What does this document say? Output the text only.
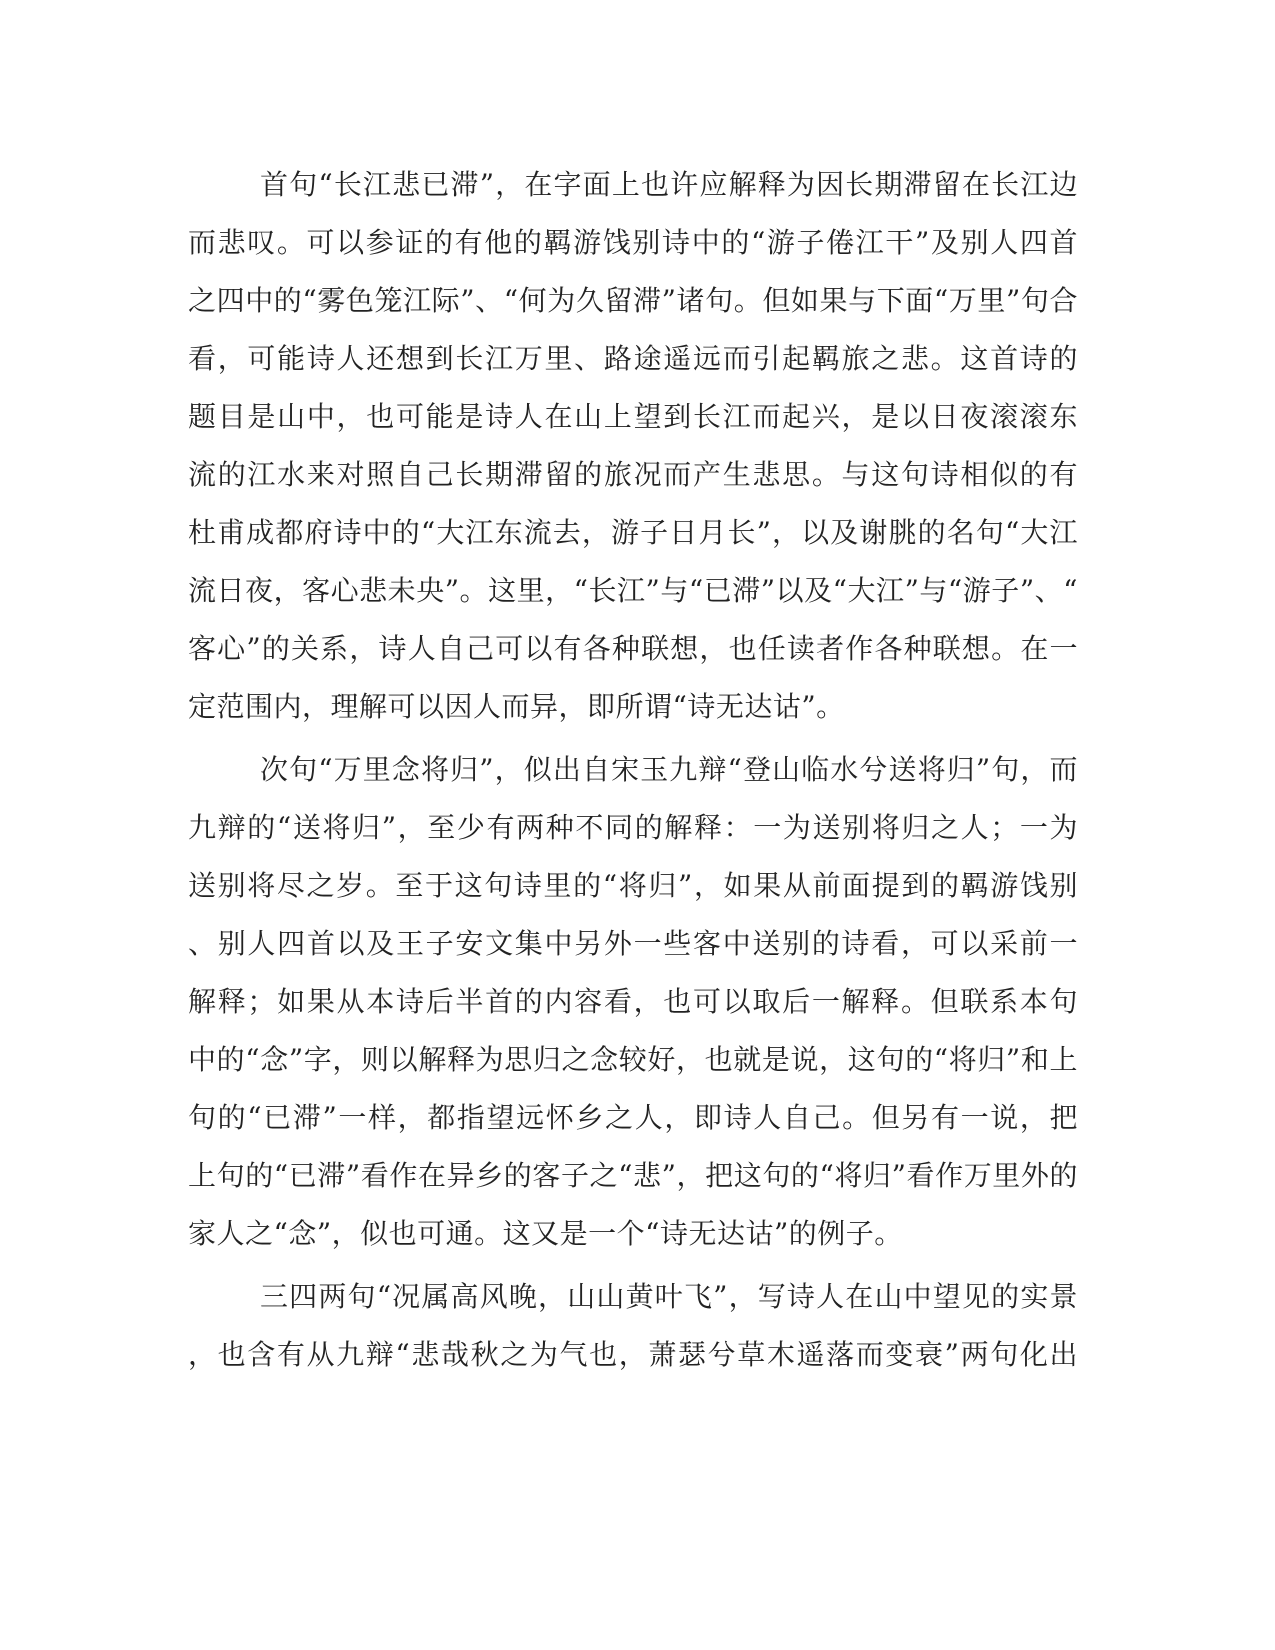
首句“长江悲已滞”，在字面上也许应解释为因长期滞留在长江边
而悲叹。可以参证的有他的羁游饯别诗中的“游子倦江干”及别人四首
之四中的“雾色笼江际”、“何为久留滞”诸句。但如果与下面“万里”句合
看，可能诗人还想到长江万里、路途遥远而引起羁旅之悲。这首诗的
题目是山中，也可能是诗人在山上望到长江而起兴，是以日夜滚滚东
流的江水来对照自己长期滞留的旅况而产生悲思。与这句诗相似的有
杜甫成都府诗中的“大江东流去，游子日月长”，以及谢朓的名句“大江
流日夜，客心悲未央”。这里，“长江”与“已滞”以及“大江”与“游子”、“
客心”的关系，诗人自己可以有各种联想，也任读者作各种联想。在一
定范围内，理解可以因人而异，即所谓“诗无达诂”。
次句“万里念将归”，似出自宋玉九辩“登山临水兮送将归”句，而
九辩的“送将归”，至少有两种不同的解释：一为送别将归之人；一为
送别将尽之岁。至于这句诗里的“将归”，如果从前面提到的羁游饯别
、别人四首以及王子安文集中另外一些客中送别的诗看，可以采前一
解释；如果从本诗后半首的内容看，也可以取后一解释。但联系本句
中的“念”字，则以解释为思归之念较好，也就是说，这句的“将归”和上
句的“已滞”一样，都指望远怀乡之人，即诗人自己。但另有一说，把
上句的“已滞”看作在异乡的客子之“悲”，把这句的“将归”看作万里外的
家人之“念”，似也可通。这又是一个“诗无达诂”的例子。
三四两句“况属高风晚，山山黄叶飞”，写诗人在山中望见的实景
，也含有从九辩“悲哉秋之为气也，萧瑟兮草木遥落而变衰”两句化出
